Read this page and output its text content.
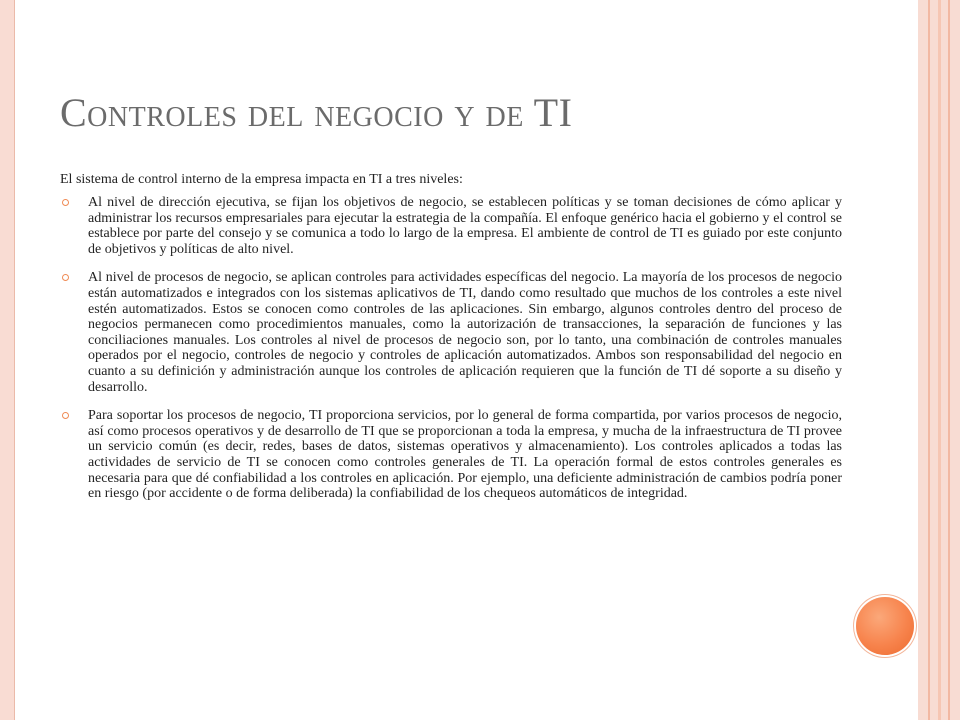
Controles del negocio y de TI
El sistema de control interno de la empresa impacta en TI a tres niveles:

Al nivel de dirección ejecutiva, se fijan los objetivos de negocio, se establecen políticas y se toman decisiones de cómo aplicar y administrar los recursos empresariales para ejecutar la estrategia de la compañía. El enfoque genérico hacia el gobierno y el control se establece por parte del consejo y se comunica a todo lo largo de la empresa. El ambiente de control de TI es guiado por este conjunto de objetivos y políticas de alto nivel.

Al nivel de procesos de negocio, se aplican controles para actividades específicas del negocio. La mayoría de los procesos de negocio están automatizados e integrados con los sistemas aplicativos de TI, dando como resultado que muchos de los controles a este nivel estén automatizados. Estos se conocen como controles de las aplicaciones. Sin embargo, algunos controles dentro del proceso de negocios permanecen como procedimientos manuales, como la autorización de transacciones, la separación de funciones y las conciliaciones manuales. Los controles al nivel de procesos de negocio son, por lo tanto, una combinación de controles manuales operados por el negocio, controles de negocio y controles de aplicación automatizados. Ambos son responsabilidad del negocio en cuanto a su definición y administración aunque los controles de aplicación requieren que la función de TI dé soporte a su diseño y desarrollo.

Para soportar los procesos de negocio, TI proporciona servicios, por lo general de forma compartida, por varios procesos de negocio, así como procesos operativos y de desarrollo de TI que se proporcionan a toda la empresa, y mucha de la infraestructura de TI provee un servicio común (es decir, redes, bases de datos, sistemas operativos y almacenamiento). Los controles aplicados a todas las actividades de servicio de TI se conocen como controles generales de TI. La operación formal de estos controles generales es necesaria para que dé confiabilidad a los controles en aplicación. Por ejemplo, una deficiente administración de cambios podría poner en riesgo (por accidente o de forma deliberada) la confiabilidad de los chequeos automáticos de integridad.
